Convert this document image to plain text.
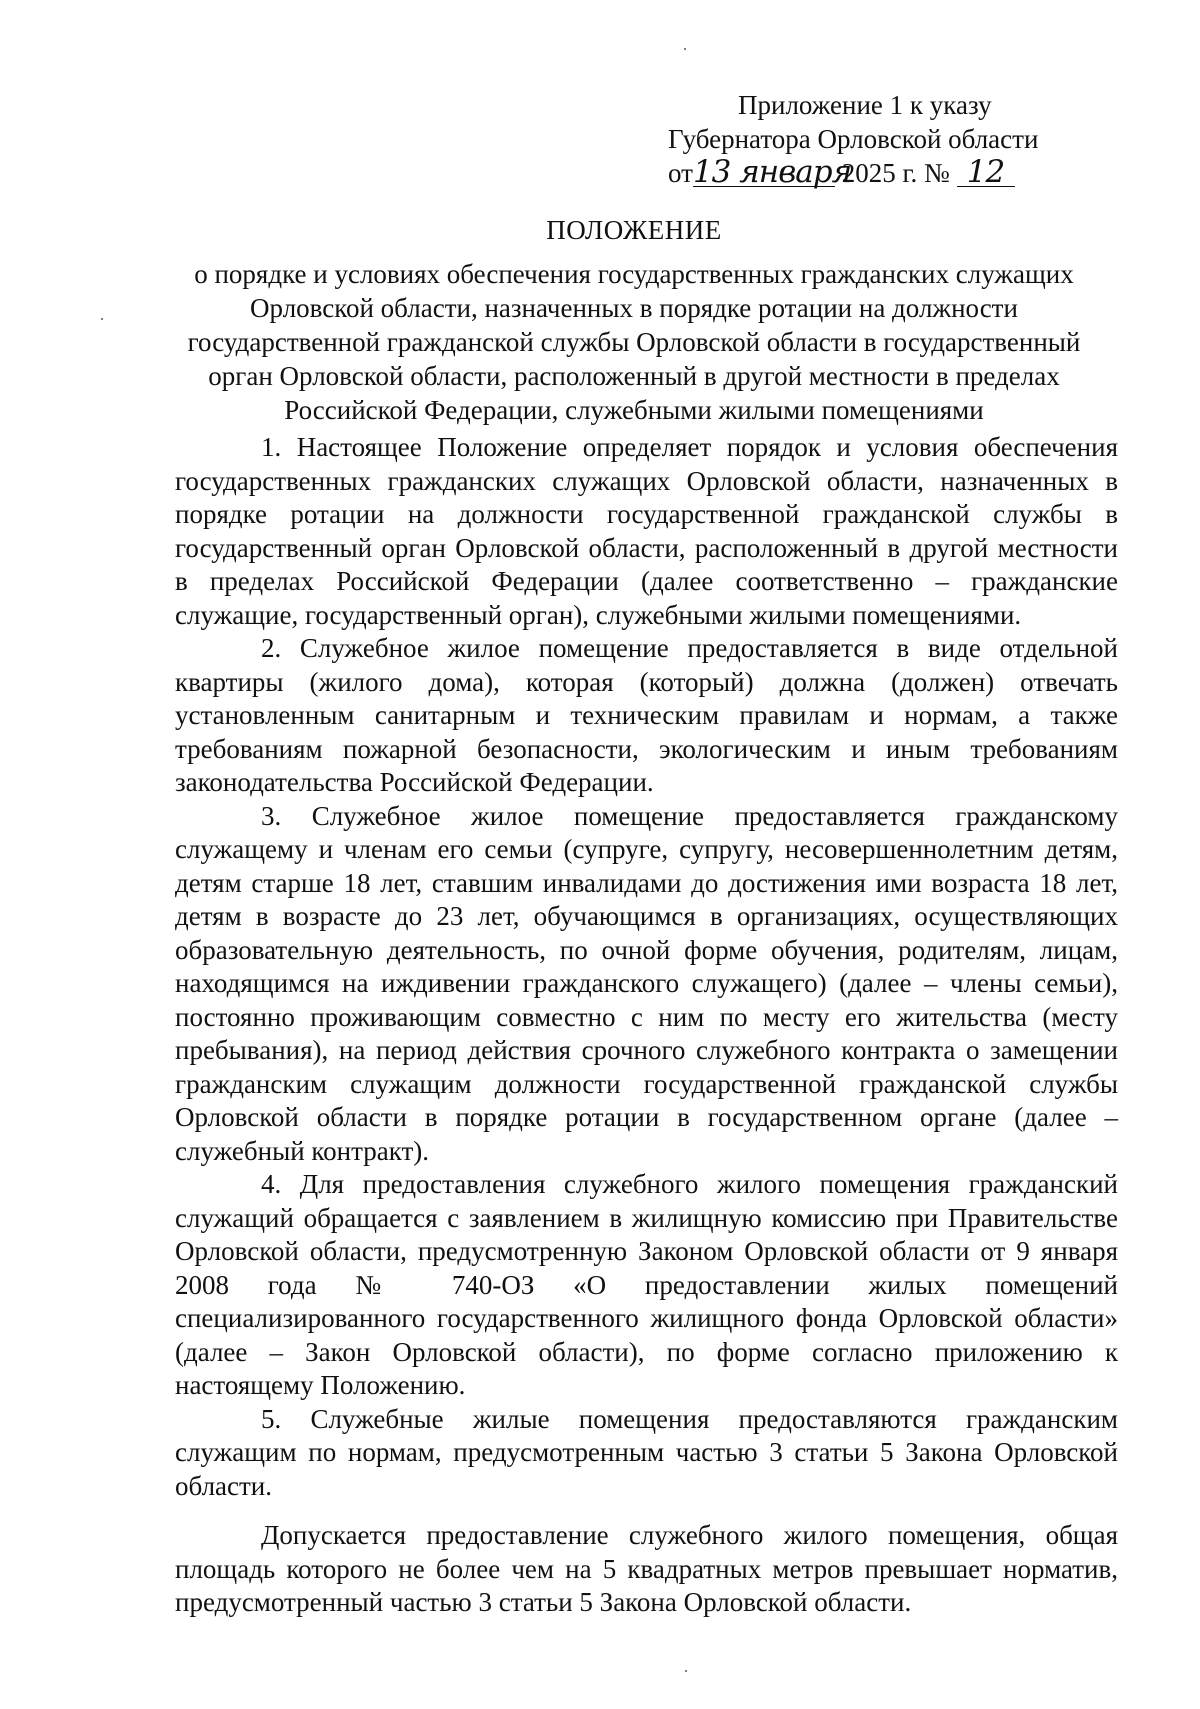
Приложение 1 к указу
Губернатора Орловской области
от13 января 2025 г. № 12
ПОЛОЖЕНИЕ

о порядке и условиях обеспечения государственных гражданских служащих
Орловской области, назначенных в порядке ротации на должности
государственной гражданской службы Орловской области в государственный
орган Орловской области, расположенный в другой местности в пределах
Российской Федерации, служебными жилыми помещениями

1. Настоящее Положение определяет порядок и условия обеспечения государственных гражданских служащих Орловской области, назначенных в порядке ротации на должности государственной гражданской службы в государственный орган Орловской области, расположенный в другой местности в пределах Российской Федерации (далее соответственно – гражданские служащие, государственный орган), служебными жилыми помещениями.

2. Служебное жилое помещение предоставляется в виде отдельной квартиры (жилого дома), которая (который) должна (должен) отвечать установленным санитарным и техническим правилам и нормам, а также требованиям пожарной безопасности, экологическим и иным требованиям законодательства Российской Федерации.

3. Служебное жилое помещение предоставляется гражданскому служащему и членам его семьи (супруге, супругу, несовершеннолетним детям, детям старше 18 лет, ставшим инвалидами до достижения ими возраста 18 лет, детям в возрасте до 23 лет, обучающимся в организациях, осуществляющих образовательную деятельность, по очной форме обучения, родителям, лицам, находящимся на иждивении гражданского служащего) (далее – члены семьи), постоянно проживающим совместно с ним по месту его жительства (месту пребывания), на период действия срочного служебного контракта о замещении гражданским служащим должности государственной гражданской службы Орловской области в порядке ротации в государственном органе (далее – служебный контракт).

4. Для предоставления служебного жилого помещения гражданский служащий обращается с заявлением в жилищную комиссию при Правительстве Орловской области, предусмотренную Законом Орловской области от 9 января 2008 года № 740-ОЗ «О предоставлении жилых помещений специализированного государственного жилищного фонда Орловской области» (далее – Закон Орловской области), по форме согласно приложению к настоящему Положению.

5. Служебные жилые помещения предоставляются гражданским служащим по нормам, предусмотренным частью 3 статьи 5 Закона Орловской области.

Допускается предоставление служебного жилого помещения, общая площадь которого не более чем на 5 квадратных метров превышает норматив, предусмотренный частью 3 статьи 5 Закона Орловской области.
